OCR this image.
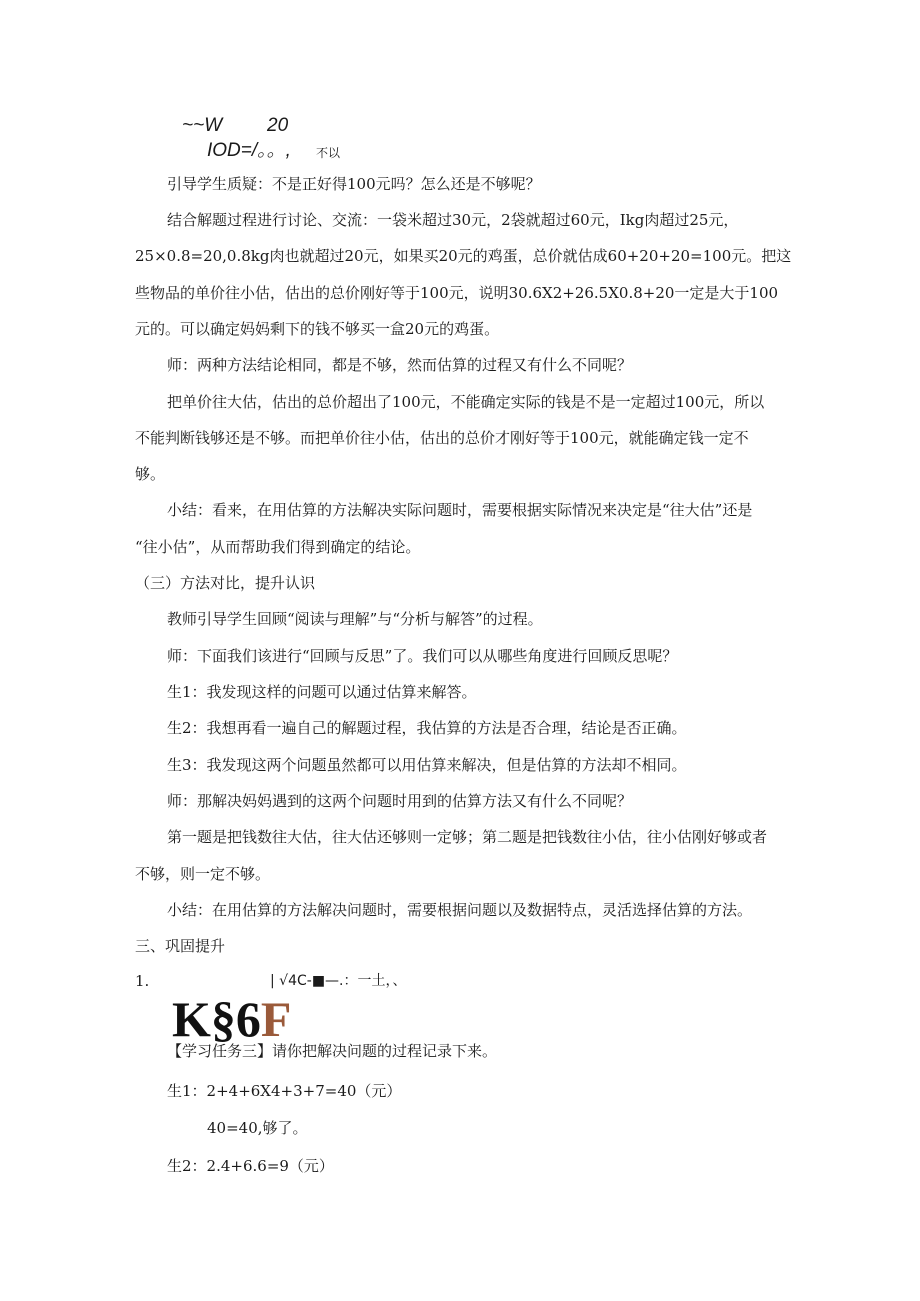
~~W 20
IOD=/。。, 不以
引导学生质疑：不是正好得100元吗？怎么还是不够呢？
结合解题过程进行讨论、交流：一袋米超过30元，2袋就超过60元，Ikg肉超过25元，
25×0.8=20,0.8kg肉也就超过20元，如果买20元的鸡蛋，总价就估成60+20+20=100元。把这
些物品的单价往小估，估出的总价刚好等于100元，说明30.6X2+26.5X0.8+20一定是大于100
元的。可以确定妈妈剩下的钱不够买一盒20元的鸡蛋。
师：两种方法结论相同，都是不够，然而估算的过程又有什么不同呢？
把单价往大估，估出的总价超出了100元，不能确定实际的钱是不是一定超过100元，所以
不能判断钱够还是不够。而把单价往小估，估出的总价才刚好等于100元，就能确定钱一定不
够。
小结：看来，在用估算的方法解决实际问题时，需要根据实际情况来决定是“往大估”还是
“往小估”，从而帮助我们得到确定的结论。
（三）方法对比，提升认识
教师引导学生回顾“阅读与理解”与“分析与解答”的过程。
师：下面我们该进行“回顾与反思”了。我们可以从哪些角度进行回顾反思呢？
生1：我发现这样的问题可以通过估算来解答。
生2：我想再看一遍自己的解题过程，我估算的方法是否合理，结论是否正确。
生3：我发现这两个问题虽然都可以用估算来解决，但是估算的方法却不相同。
师：那解决妈妈遇到的这两个问题时用到的估算方法又有什么不同呢？
第一题是把钱数往大估，往大估还够则一定够；第二题是把钱数往小估，往小估刚好够或者
不够，则一定不够。
小结：在用估算的方法解决问题时，需要根据问题以及数据特点，灵活选择估算的方法。
三、巩固提升
1.	| √4C-■—.：一土，、
K§6F
【学习任务三】请你把解决问题的过程记录下来。
生1：2+4+6X4+3+7=40（元）
40=40,够了。
生2：2.4+6.6=9（元）
